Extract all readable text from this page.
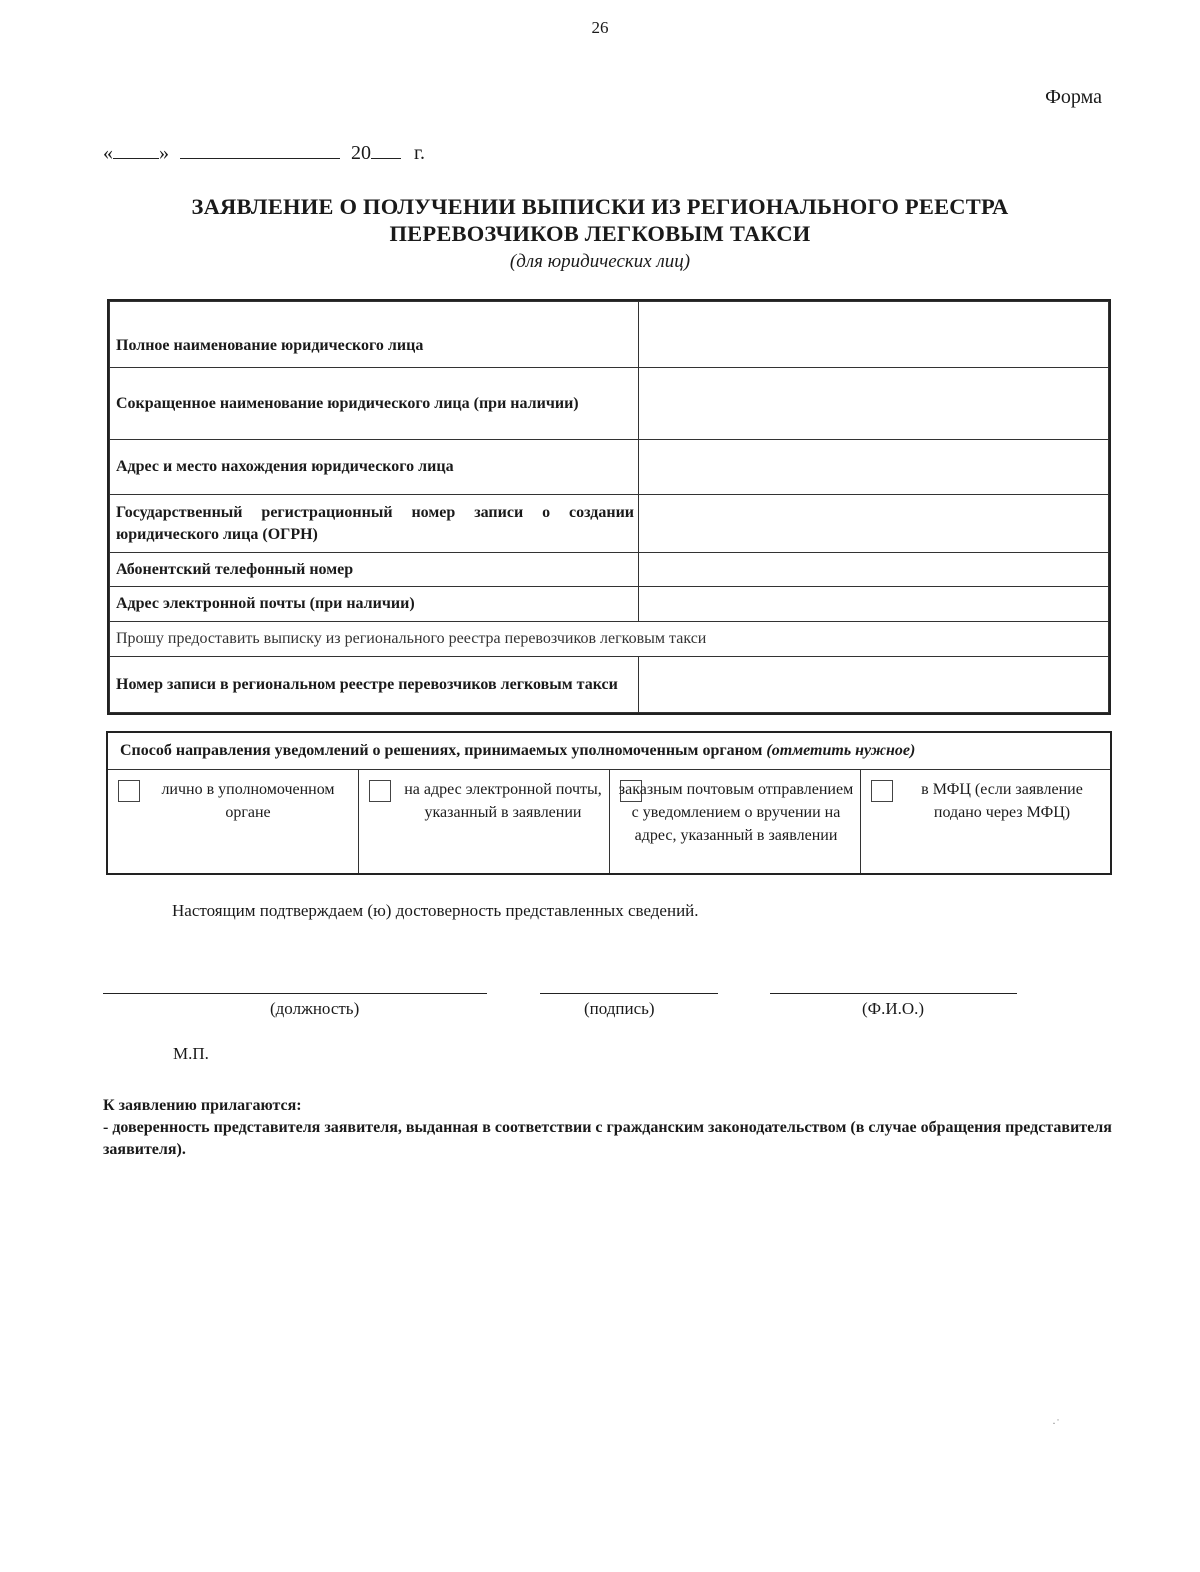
26
Форма
« »	20 г.
ЗАЯВЛЕНИЕ О ПОЛУЧЕНИИ ВЫПИСКИ ИЗ РЕГИОНАЛЬНОГО РЕЕСТРА
ПЕРЕВОЗЧИКОВ ЛЕГКОВЫМ ТАКСИ
(для юридических лиц)
Полное наименование юридического лица	
Сокращенное наименование юридического лица (при наличии)	
Адрес и место нахождения юридического лица	
Государственный регистрационный номер записи о создании юридического лица (ОГРН)	
Абонентский телефонный номер	
Адрес электронной почты (при наличии)	
Прошу предоставить выписку из регионального реестра перевозчиков легковым такси	
Номер записи в региональном реестре перевозчиков легковым такси	
Способ направления уведомлений о решениях, принимаемых уполномоченным органом (отметить нужное)
лично в уполномоченном органе
на адрес электронной почты, указанный в заявлении
заказным почтовым отправлением с уведомлением о вручении на адрес, указанный в заявлении
в МФЦ (если заявление подано через МФЦ)
Настоящим подтверждаем (ю) достоверность представленных сведений.
(должность)	(подпись)	(Ф.И.О.)
М.П.
К заявлению прилагаются:
- доверенность представителя заявителя, выданная в соответствии с гражданским законодательством (в случае обращения представителя заявителя).
·˙
